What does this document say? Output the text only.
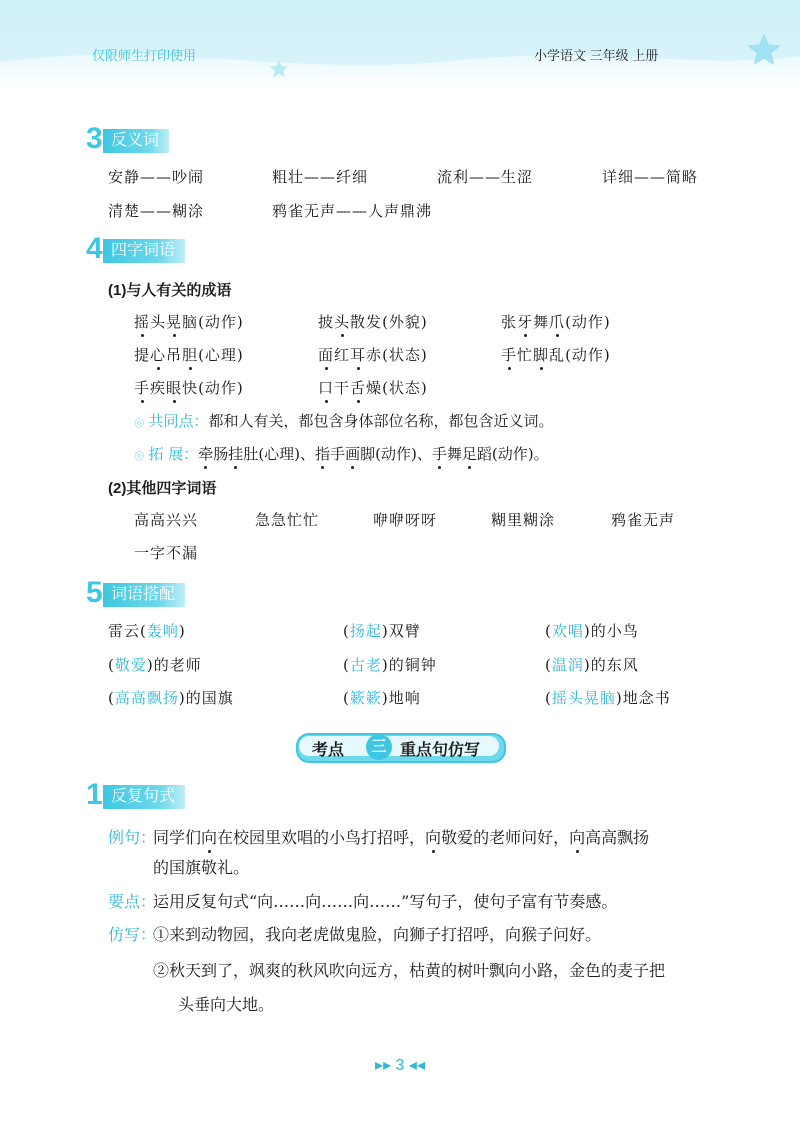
仅限师生打印使用	小学语文 三年级 上册
3 反义词
安静——吵闹	粗壮——纤细	流利——生涩	详细——简略
清楚——糊涂	鸦雀无声——人声鼎沸
4 四字词语
(1)与人有关的成语
摇头晃脑(动作)	披头散发(外貌)	张牙舞爪(动作)
提心吊胆(心理)	面红耳赤(状态)	手忙脚乱(动作)
手疾眼快(动作)	口干舌燥(状态)
◎ 共同点：都和人有关，都包含身体部位名称，都包含近义词。
◎ 拓 展：牵肠挂肚(心理)、指手画脚(动作)、手舞足蹈(动作)。
(2)其他四字词语
高高兴兴	急急忙忙	咿咿呀呀	糊里糊涂	鸦雀无声
一字不漏
5 词语搭配
雷云(轰响)	(扬起)双臂	(欢唱)的小鸟
(敬爱)的老师	(古老)的铜钟	(温润)的东风
(高高飘扬)的国旗	(簌簌)地响	(摇头晃脑)地念书
考点	三 重点句仿写
1 反复句式
例句：
同学们向在校园里欢唱的小鸟打招呼，向敬爱的老师问好，向高高飘扬
的国旗敬礼。
要点：
运用反复句式“向……向……向……”写句子，使句子富有节奏感。
仿写：
①来到动物园，我向老虎做鬼脸，向狮子打招呼，向猴子问好。
②秋天到了，飒爽的秋风吹向远方，枯黄的树叶飘向小路，金色的麦子把
头垂向大地。
▸▸ 3 ◂◂
